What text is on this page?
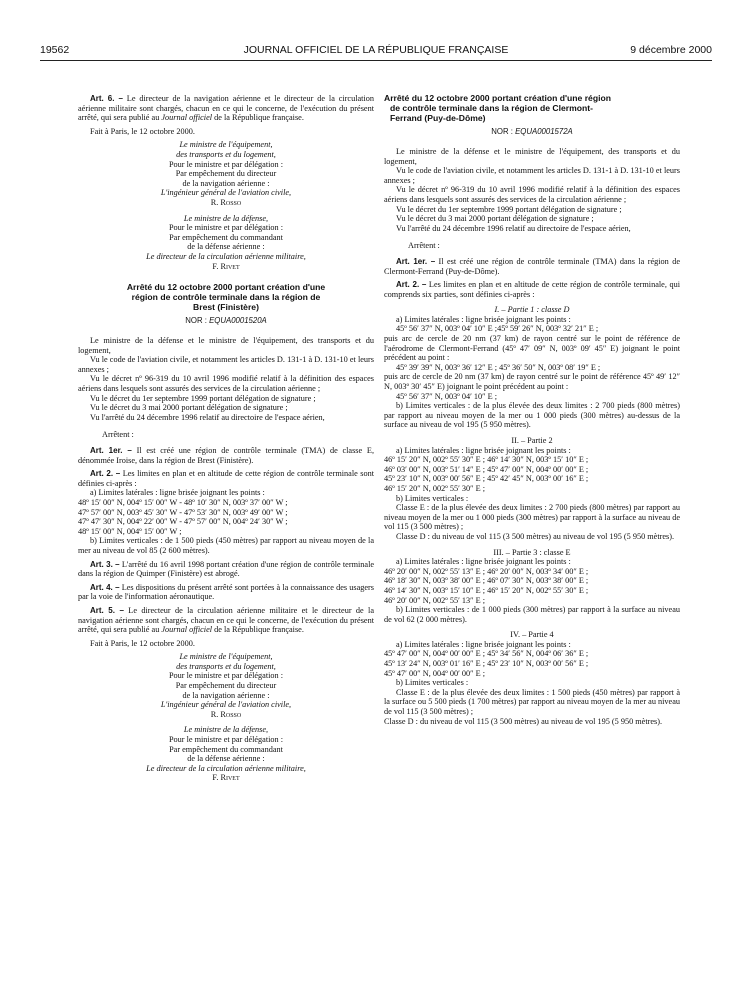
19562	JOURNAL OFFICIEL DE LA RÉPUBLIQUE FRANÇAISE	9 décembre 2000

Art. 6. – Le directeur de la navigation aérienne et le directeur de la circulation aérienne militaire sont chargés, chacun en ce qui le concerne, de l'exécution du présent arrêté, qui sera publié au Journal officiel de la République française.

Fait à Paris, le 12 octobre 2000.

Le ministre de l'équipement,
des transports et du logement,
Pour le ministre et par délégation :
Par empêchement du directeur
de la navigation aérienne :
L'ingénieur général de l'aviation civile,
R. Rosso
Le ministre de la défense,
Pour le ministre et par délégation :
Par empêchement du commandant
de la défense aérienne :
Le directeur de la circulation aérienne militaire,
F. Rivet
Arrêté du 12 octobre 2000 portant création d'une
région de contrôle terminale dans la région de
Brest (Finistère)
NOR : EQUA0001520A

Le ministre de la défense et le ministre de l'équipement, des transports et du logement,

Vu le code de l'aviation civile, et notamment les articles D. 131-1 à D. 131-10 et leurs annexes ;

Vu le décret nº 96-319 du 10 avril 1996 modifié relatif à la définition des espaces aériens dans lesquels sont assurés des services de la circulation aérienne ;

Vu le décret du 1er septembre 1999 portant délégation de signature ;

Vu le décret du 3 mai 2000 portant délégation de signature ;

Vu l'arrêté du 24 décembre 1996 relatif au directoire de l'espace aérien,

Arrêtent :

Art. 1er. – Il est créé une région de contrôle terminale (TMA) de classe E, dénommée Iroise, dans la région de Brest (Finistère).

Art. 2. – Les limites en plan et en altitude de cette région de contrôle terminale sont définies ci-après :

a) Limites latérales : ligne brisée joignant les points :

48º 15′ 00″ N, 004º 15′ 00″ W - 48º 10′ 30″ N, 003º 37′ 00″ W ;
47º 57′ 00″ N, 003º 45′ 30″ W - 47º 53′ 30″ N, 003º 49′ 00″ W ;
47º 47′ 30″ N, 004º 22′ 00″ W - 47º 57′ 00″ N, 004º 24′ 30″ W ;
48º 15′ 00″ N, 004º 15′ 00″ W ;

b) Limites verticales : de 1 500 pieds (450 mètres) par rapport au niveau moyen de la mer au niveau de vol 85 (2 600 mètres).

Art. 3. – L'arrêté du 16 avril 1998 portant création d'une région de contrôle terminale dans la région de Quimper (Finistère) est abrogé.

Art. 4. – Les dispositions du présent arrêté sont portées à la connaissance des usagers par la voie de l'information aéronautique.

Art. 5. – Le directeur de la circulation aérienne militaire et le directeur de la navigation aérienne sont chargés, chacun en ce qui le concerne, de l'exécution du présent arrêté, qui sera publié au Journal officiel de la République française.

Fait à Paris, le 12 octobre 2000.

Le ministre de l'équipement,
des transports et du logement,
Pour le ministre et par délégation :
Par empêchement du directeur
de la navigation aérienne :
L'ingénieur général de l'aviation civile,
R. Rosso
Le ministre de la défense,
Pour le ministre et par délégation :
Par empêchement du commandant
de la défense aérienne :
Le directeur de la circulation aérienne militaire,
F. Rivet
Arrêté du 12 octobre 2000 portant création d'une région
de contrôle terminale dans la région de Clermont-
Ferrand (Puy-de-Dôme)
NOR : EQUA0001572A

Le ministre de la défense et le ministre de l'équipement, des transports et du logement,

Vu le code de l'aviation civile, et notamment les articles D. 131-1 à D. 131-10 et leurs annexes ;

Vu le décret nº 96-319 du 10 avril 1996 modifié relatif à la définition des espaces aériens dans lesquels sont assurés des services de la circulation aérienne ;

Vu le décret du 1er septembre 1999 portant délégation de signature ;

Vu le décret du 3 mai 2000 portant délégation de signature ;

Vu l'arrêté du 24 décembre 1996 relatif au directoire de l'espace aérien,

Arrêtent :

Art. 1er. – Il est créé une région de contrôle terminale (TMA) dans la région de Clermont-Ferrand (Puy-de-Dôme).

Art. 2. – Les limites en plan et en altitude de cette région de contrôle terminale, qui comprends six parties, sont définies ci-après :

I. – Partie 1 : classe D

a) Limites latérales : ligne brisée joignant les points :

45º 56′ 37″ N, 003º 04′ 10″ E ;45º 59′ 26″ N, 003º 32′ 21″ E ;

puis arc de cercle de 20 nm (37 km) de rayon centré sur le point de référence de l'aérodrome de Clermont-Ferrand (45º 47′ 09″ N, 003º 09′ 45″ E) joignant le point précédent au point :

45º 39′ 39″ N, 003º 36′ 12″ E ; 45º 36′ 50″ N, 003º 08′ 19″ E ;

puis arc de cercle de 20 nm (37 km) de rayon centré sur le point de référence 45º 49′ 12″ N, 003º 30′ 45″ E) joignant le point précédent au point :

45º 56′ 37″ N, 003º 04′ 10″ E ;

b) Limites verticales : de la plus élevée des deux limites : 2 700 pieds (800 mètres) par rapport au niveau moyen de la mer ou 1 000 pieds (300 mètres) au-dessus de la surface au niveau de vol 195 (5 950 mètres).

II. – Partie 2

a) Limites latérales : ligne brisée joignant les points :

46º 15′ 20″ N, 002º 55′ 30″ E ; 46º 14′ 30″ N, 003º 15′ 10″ E ;
46º 03′ 00″ N, 003º 51′ 14″ E ; 45º 47′ 00″ N, 004º 00′ 00″ E ;
45º 23′ 10″ N, 003º 00′ 56″ E ; 45º 42′ 45″ N, 003º 00′ 16″ E ;
46º 15′ 20″ N, 002º 55′ 30″ E ;

b) Limites verticales :

Classe E : de la plus élevée des deux limites : 2 700 pieds (800 mètres) par rapport au niveau moyen de la mer ou 1 000 pieds (300 mètres) par rapport à la surface au niveau de vol 115 (3 500 mètres) ;

Classe D : du niveau de vol 115 (3 500 mètres) au niveau de vol 195 (5 950 mètres).

III. – Partie 3 : classe E

a) Limites latérales : ligne brisée joignant les points :

46º 20′ 00″ N, 002º 55′ 13″ E ; 46º 20′ 00″ N, 003º 34′ 00″ E ;
46º 18′ 30″ N, 003º 38′ 00″ E ; 46º 07′ 30″ N, 003º 38′ 00″ E ;
46º 14′ 30″ N, 003º 15′ 10″ E ; 46º 15′ 20″ N, 002º 55′ 30″ E ;
46º 20′ 00″ N, 002º 55′ 13″ E ;

b) Limites verticales : de 1 000 pieds (300 mètres) par rapport à la surface au niveau de vol 62 (2 000 mètres).

IV. – Partie 4

a) Limites latérales : ligne brisée joignant les points :

45º 47′ 00″ N, 004º 00′ 00″ E ; 45º 34′ 56″ N, 004º 06′ 36″ E ;
45º 13′ 24″ N, 003º 01′ 16″ E ; 45º 23′ 10″ N, 003º 00′ 56″ E ;
45º 47′ 00″ N, 004º 00′ 00″ E ;

b) Limites verticales :

Classe E : de la plus élevée des deux limites : 1 500 pieds (450 mètres) par rapport à la surface ou 5 500 pieds (1 700 mètres) par rapport au niveau moyen de la mer au niveau de vol 115 (3 500 mètres) ;

Classe D : du niveau de vol 115 (3 500 mètres) au niveau de vol 195 (5 950 mètres).
